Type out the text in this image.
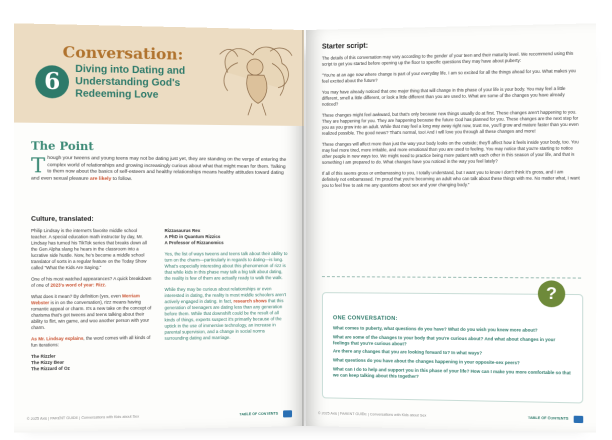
Conversation:
6	Diving into Dating and Understanding God's Redeeming Love
The Point
Though your tweens and young teens may not be dating just yet, they are standing on the verge of entering the complex world of relationships and growing increasingly curious about what that might mean for them. Talking to them now about the basics of self-esteem and healthy relationships means healthy attitudes toward dating and even sexual pleasure are likely to follow.
Culture, translated:

Philip Lindsay is the internet's favorite middle school teacher. A special education math instructor by day, Mr. Lindsay has turned his TikTok series that breaks down all the Gen Alpha slang he hears in the classroom into a lucrative side hustle. Now, he's become a middle school translator of sorts in a regular feature on the Today Show called "What the Kids Are Saying."

One of his most watched appearances? A quick breakdown of one of 2023's word of year: Rizz.

What does it mean? By definition (yes, even Merriam Webster is in on the conversation), rizz means having romantic appeal or charm. It's a new take on the concept of charisma that's got tweens and teens talking about their ability to flirt, win game, and woo another person with your charm.

As Mr. Lindsay explains, the word comes with all kinds of fun iterations:

The Rizzler
The Rizzy Bear
The Rizzard of Oz

Rizzasaurus Rex
A PhD in Quantum Rizzics
A Professor of Rizzanomics

Yes, the list of ways tweens and teens talk about their ability to turn on the charm—particularly in regards to dating—is long. What's especially interesting about this phenomenon of rizz is that while kids in this phase may talk a big talk about dating, the reality is few of them are actually ready to walk the walk.

While they may be curious about relationships or even interested in dating, the reality is most middle schoolers aren't actively engaged in dating. In fact, research shows that this generation of teenagers are dating less than any generation before them. While that downshift could be the result of all kinds of things, experts suspect it's primarily because of the uptick in the use of immersive technology, an increase in parental supervision, and a change in social norms surrounding dating and marriage.

© 2025 Axis | PARENT GUIDE | Conversations with Kids about Sex
TABLE OF CONTENTS
Starter script:

The details of this conversation may vary according to the gender of your teen and their maturity level. We recommend using this script to get you started before opening up the floor to specific questions they may have about puberty:

"You're at an age now where change is part of your everyday life. I am so excited for all the things ahead for you. What makes you feel excited about the future?

You may have already noticed that one major thing that will change in this phase of your life is your body. You may feel a little different, smell a little different, or look a little different than you are used to. What are some of the changes you have already noticed?

These changes might feel awkward, but that's only because new things usually do at first. These changes aren't happening to you. They are happening for you. They are happening because the future God has planned for you. These changes are the next step for you as you grow into an adult. While that may feel a long way away right now, trust me, you'll grow and mature faster than you even realized possible. The good news? That's normal, too! And I will love you through all these changes and more!

These changes will affect more than just the way your body looks on the outside; they'll affect how it feels inside your body, too. You may feel more tired, more irritable, and more emotional than you are used to feeling. You may notice that you're starting to notice other people in new ways too. We might need to practice being more patient with each other in this season of your life, and that is something I am prepared to do. What changes have you noticed in the way you feel lately?

If all of this seems gross or embarrassing to you, I totally understand, but I want you to know I don't think it's gross, and I am definitely not embarrassed. I'm proud that you're becoming an adult who can talk about these things with me. No matter what, I want you to feel free to ask me any questions about sex and your changing body."

?
ONE CONVERSATION:

What comes to puberty, what questions do you have? What do you wish you knew more about?

What are some of the changes to your body that you're curious about? And what about changes in your feelings that you're curious about?

Are there any changes that you are looking forward to? In what ways?

What questions do you have about the changes happening in your opposite-sex peers?

What can I do to help and support you in this phase of your life? How can I make you more comfortable so that we can keep talking about this together?

© 2025 Axis | PARENT GUIDE | Conversations with Kids about Sex
TABLE OF CONTENTS
